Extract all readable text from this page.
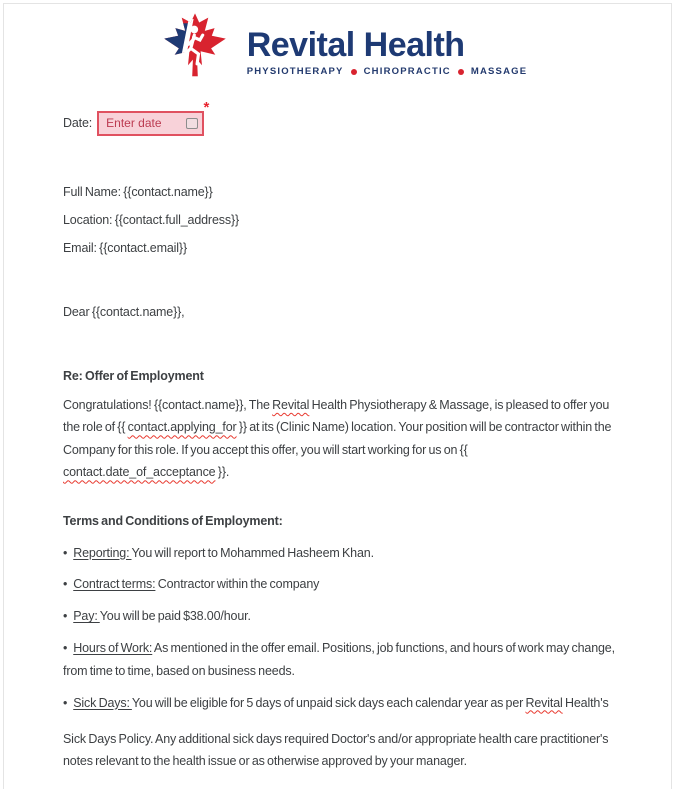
Revital Health
PHYSIOTHERAPY CHIROPRACTIC MASSAGE
Date:
Enter date
*

Full Name: {{contact.name}}

Location: {{contact.full_address}}

Email: {{contact.email}}

Dear {{contact.name}},

Re: Offer of Employment

Congratulations! {{contact.name}}, The Revital Health Physiotherapy & Massage, is pleased to offer you the role of {{ contact.applying_for }} at its (Clinic Name) location. Your position will be contractor within the Company for this role. If you accept this offer, you will start working for us on {{ contact.date_of_acceptance }}.

Terms and Conditions of Employment:

• Reporting: You will report to Mohammed Hasheem Khan.

• Contract terms: Contractor within the company

• Pay: You will be paid $38.00/hour.

• Hours of Work: As mentioned in the offer email. Positions, job functions, and hours of work may change, from time to time, based on business needs.

• Sick Days: You will be eligible for 5 days of unpaid sick days each calendar year as per Revital Health's

Sick Days Policy. Any additional sick days required Doctor's and/or appropriate health care practitioner's notes relevant to the health issue or as otherwise approved by your manager.
